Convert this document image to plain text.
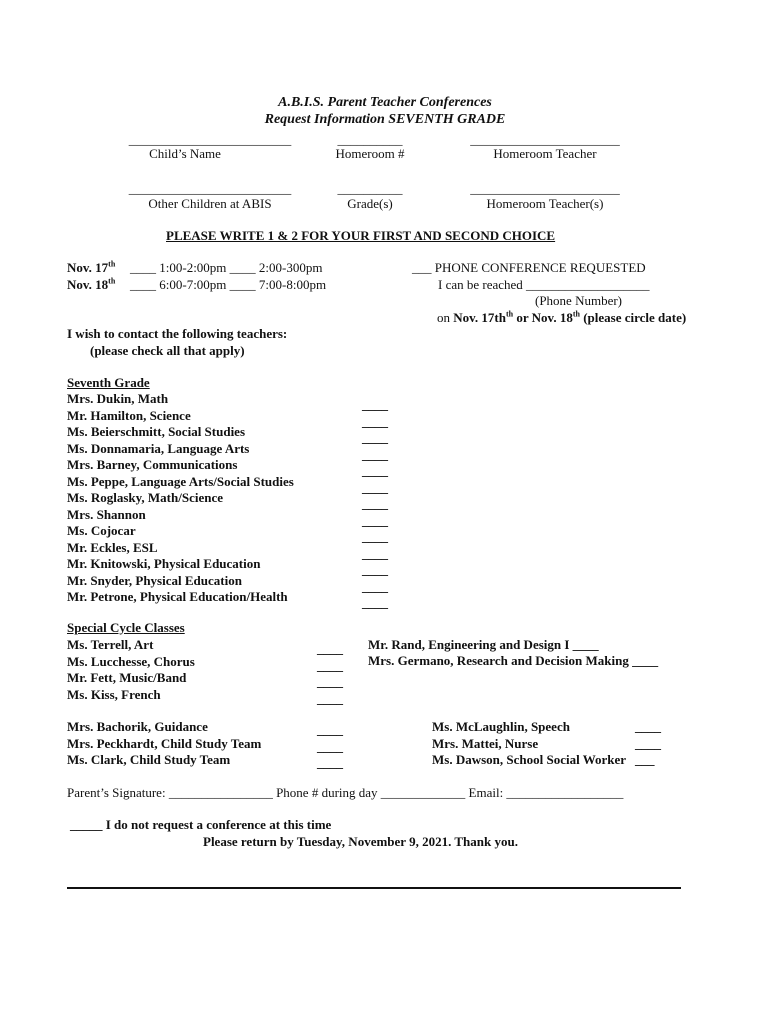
A.B.I.S. Parent Teacher Conferences
Request Information SEVENTH GRADE
_________________________
Child’s Name
__________
Homeroom #
_______________________
Homeroom Teacher
_________________________
Other Children at ABIS
__________
Grade(s)
_______________________
Homeroom Teacher(s)
PLEASE WRITE 1 & 2 FOR YOUR FIRST AND SECOND CHOICE
Nov. 17th ____ 1:00-2:00pm ____ 2:00-300pm
Nov. 18th ____ 6:00-7:00pm ____ 7:00-8:00pm
___ PHONE CONFERENCE REQUESTED
I can be reached ___________________
(Phone Number)
on Nov. $17th^{th}$ or Nov. 18th (please circle date)
I wish to contact the following teachers:
(please check all that apply)
Seventh Grade
Mrs. Dukin, Math	____
Mr. Hamilton, Science	____
Ms. Beierschmitt, Social Studies	____
Ms. Donnamaria, Language Arts	____
Mrs. Barney, Communications	____
Ms. Peppe, Language Arts/Social Studies	____
Ms. Roglasky, Math/Science	____
Mrs. Shannon	____
Ms. Cojocar	____
Mr. Eckles, ESL	____
Mr. Knitowski, Physical Education	____
Mr. Snyder, Physical Education	____
Mr. Petrone, Physical Education/Health	____
Special Cycle Classes
Ms. Terrell, Art	____
Ms. Lucchesse, Chorus	____
Mr. Fett, Music/Band	____
Ms. Kiss, French	____
Mr. Rand, Engineering and Design I ____
Mrs. Germano, Research and Decision Making ____
Mrs. Bachorik, Guidance	____
Mrs. Peckhardt, Child Study Team	____
Ms. Clark, Child Study Team	____
Ms. McLaughlin, Speech	____
Mrs. Mattei, Nurse	____
Ms. Dawson, School Social Worker ___
Parent’s Signature: ________________ Phone # during day _____________ Email: __________________
_____ I do not request a conference at this time
Please return by Tuesday, November 9, 2021. Thank you.
